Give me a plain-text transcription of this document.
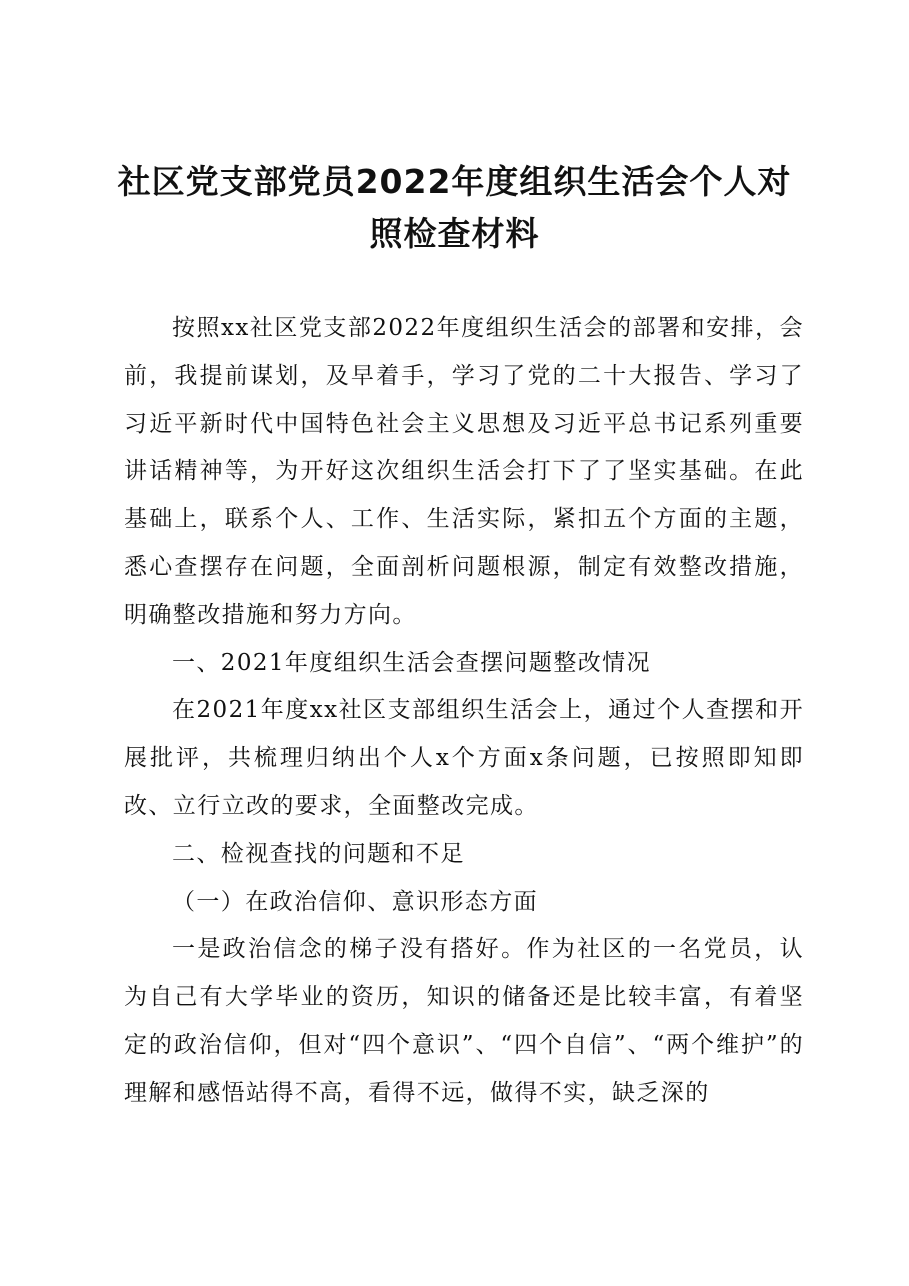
社区党支部党员2022年度组织生活会个人对
照检查材料

按照xx社区党支部2022年度组织生活会的部署和安排，会前，我提前谋划，及早着手，学习了党的二十大报告、学习了习近平新时代中国特色社会主义思想及习近平总书记系列重要讲话精神等，为开好这次组织生活会打下了了坚实基础。在此基础上，联系个人、工作、生活实际，紧扣五个方面的主题，悉心查摆存在问题，全面剖析问题根源，制定有效整改措施，明确整改措施和努力方向。

一、2021年度组织生活会查摆问题整改情况

在2021年度xx社区支部组织生活会上，通过个人查摆和开展批评，共梳理归纳出个人x个方面x条问题，已按照即知即改、立行立改的要求，全面整改完成。

二、检视查找的问题和不足

（一）在政治信仰、意识形态方面

一是政治信念的梯子没有搭好。作为社区的一名党员，认为自己有大学毕业的资历，知识的储备还是比较丰富，有着坚定的政治信仰，但对“四个意识”、“四个自信”、“两个维护”的理解和感悟站得不高，看得不远，做得不实，缺乏深的
